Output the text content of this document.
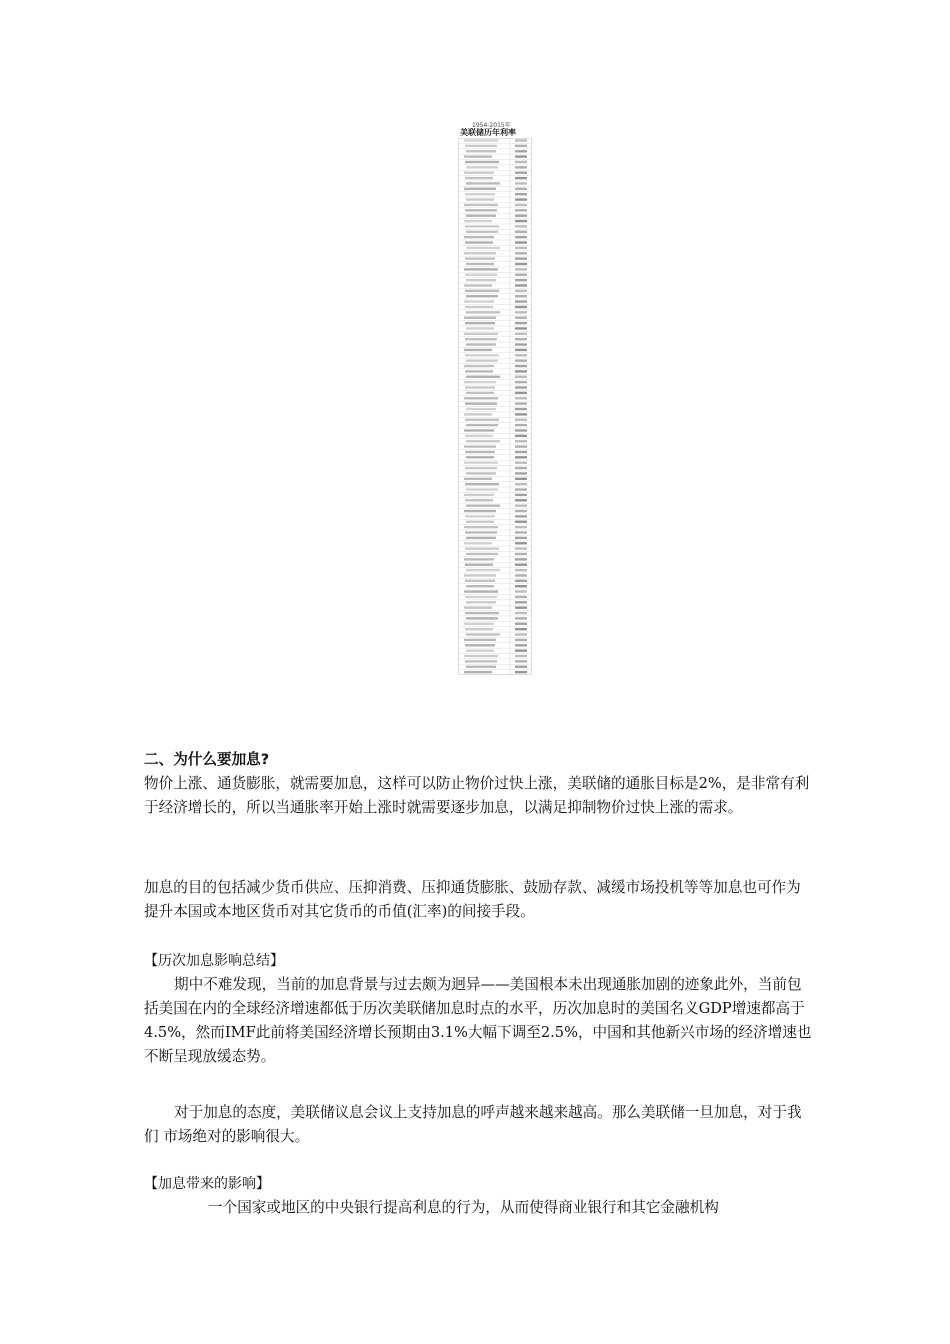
1954-2015年
美联储历年利率

二、为什么要加息?

物价上涨、通货膨胀，就需要加息，这样可以防止物价过快上涨，美联储的通胀目标是2%，是非常有利于经济增长的，所以当通胀率开始上涨时就需要逐步加息，以满足抑制物价过快上涨的需求。

加息的目的包括减少货币供应、压抑消费、压抑通货膨胀、鼓励存款、减缓市场投机等等加息也可作为提升本国或本地区货币对其它货币的币值(汇率)的间接手段。

【历次加息影响总结】

期中不难发现，当前的加息背景与过去颇为迥异——美国根本未出现通胀加剧的迹象此外，当前包括美国在内的全球经济增速都低于历次美联储加息时点的水平，历次加息时的美国名义GDP增速都高于4.5%，然而IMF此前将美国经济增长预期由3.1%大幅下调至2.5%，中国和其他新兴市场的经济增速也不断呈现放缓态势。

对于加息的态度，美联储议息会议上支持加息的呼声越来越来越高。那么美联储一旦加息，对于我们 市场绝对的影响很大。

【加息带来的影响】

一个国家或地区的中央银行提高利息的行为，从而使得商业银行和其它金融机构
